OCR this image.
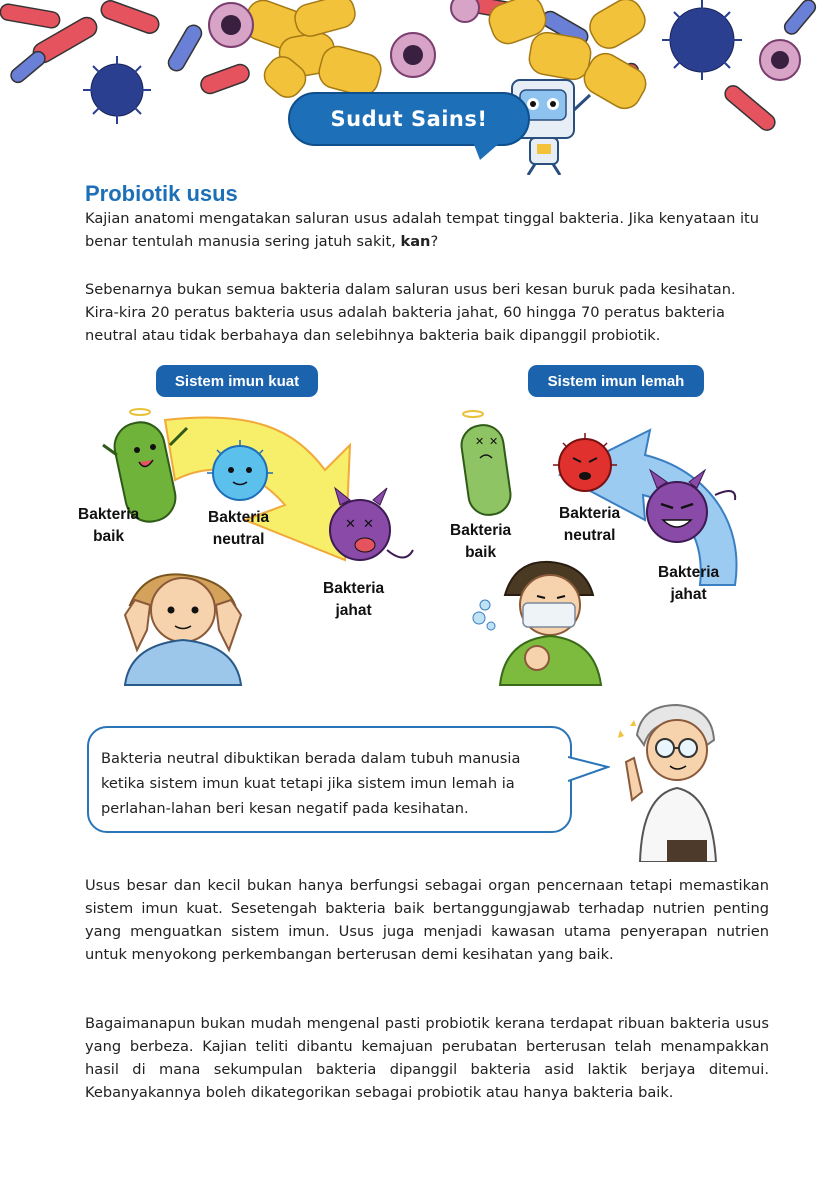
Sudut Sains!
Probiotik usus
Kajian anatomi mengatakan saluran usus adalah tempat tinggal bakteria. Jika kenyataan itu benar tentulah manusia sering jatuh sakit, kan?
Sebenarnya bukan semua bakteria dalam saluran usus beri kesan buruk pada kesihatan. Kira-kira 20 peratus bakteria usus adalah bakteria jahat, 60 hingga 70 peratus bakteria neutral atau tidak berbahaya dan selebihnya bakteria baik dipanggil probiotik.
✕ ✕
Sistem imun kuat
Bakteria
baik
Bakteria
neutral
Bakteria
jahat
✕ ✕
Sistem imun lemah
Bakteria
baik
Bakteria
neutral
Bakteria
jahat
Bakteria neutral dibuktikan berada dalam tubuh manusia ketika sistem imun kuat tetapi jika sistem imun lemah ia perlahan-lahan beri kesan negatif pada kesihatan.
Usus besar dan kecil bukan hanya berfungsi sebagai organ pencernaan tetapi memastikan sistem imun kuat. Sesetengah bakteria baik bertanggungjawab terhadap nutrien penting yang menguatkan sistem imun. Usus juga menjadi kawasan utama penyerapan nutrien untuk menyokong perkembangan berterusan demi kesihatan yang baik.
Bagaimanapun bukan mudah mengenal pasti probiotik kerana terdapat ribuan bakteria usus yang berbeza. Kajian teliti dibantu kemajuan perubatan berterusan telah menampakkan hasil di mana sekumpulan bakteria dipanggil bakteria asid laktik berjaya ditemui. Kebanyakannya boleh dikategorikan sebagai probiotik atau hanya bakteria baik.
